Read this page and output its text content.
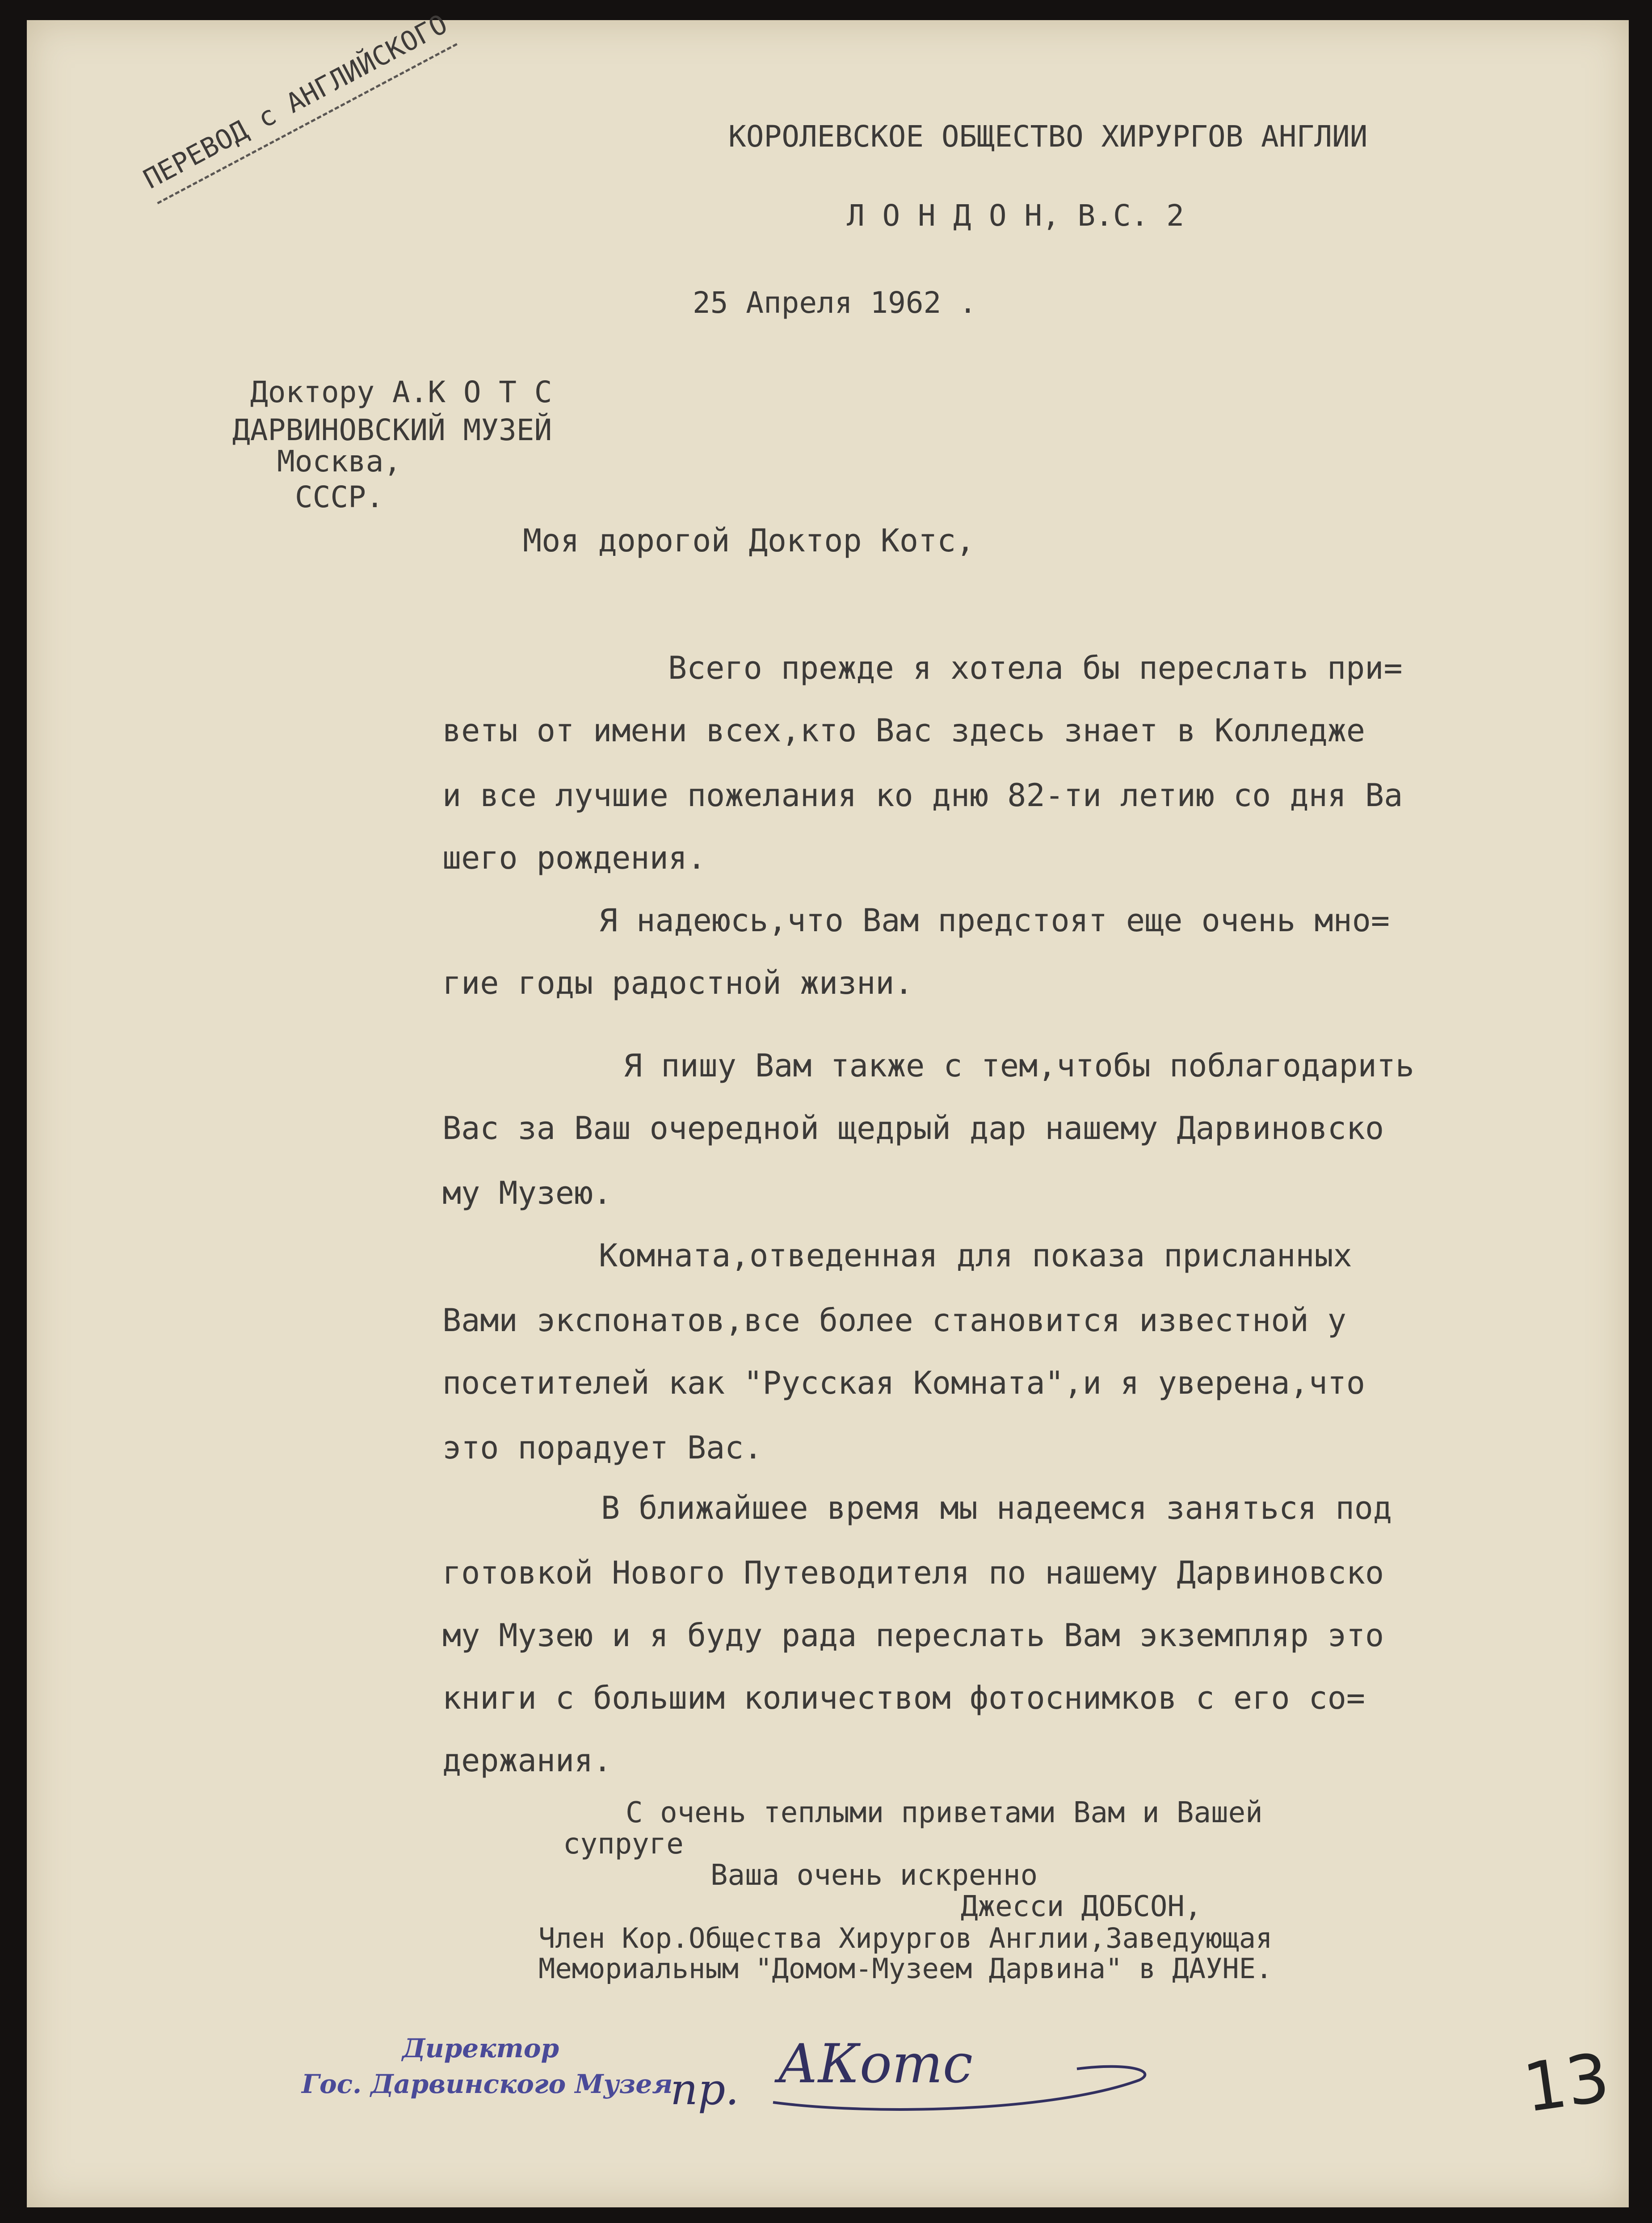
ПЕРЕВОД с АНГЛИЙСКОГО	КОРОЛЕВСКОЕ ОБЩЕСТВО ХИРУРГОВ АНГЛИИ
Л О Н Д О Н, В.С. 2
25 Апреля 1962 .
Доктору А.К О Т С
ДАРВИНОВСКИЙ МУЗЕЙ
Москва,
СССР.
Моя дорогой Доктор Котс,
Всего прежде я хотела бы переслать при=
веты от имени всех,кто Вас здесь знает в Колледже
и все лучшие пожелания ко дню 82-ти летию со дня Ва
шего рождения.
Я надеюсь,что Вам предстоят еще очень мно=
гие годы радостной жизни.
Я пишу Вам также с тем,чтобы поблагодарить
Вас за Ваш очередной щедрый дар нашему Дарвиновско
му Музею.
Комната,отведенная для показа присланных
Вами экспонатов,все более становится известной у
посетителей как "Русская Комната",и я уверена,что
это порадует Вас.
В ближайшее время мы надеемся заняться под
готовкой Нового Путеводителя по нашему Дарвиновско
му Музею и я буду рада переслать Вам экземпляр это
книги с большим количеством фотоснимков с его со=
держания.
С очень теплыми приветами Вам и Вашей
супруге
Ваша очень искренно
Джесси ДОБСОН,
Член Кор.Общества Хирургов Англии,Заведующая
Мемориальным "Домом-Музеем Дарвина" в ДАУНЕ.
Директор
Гос. Дарвинского Музея
пр. АКотс	13
